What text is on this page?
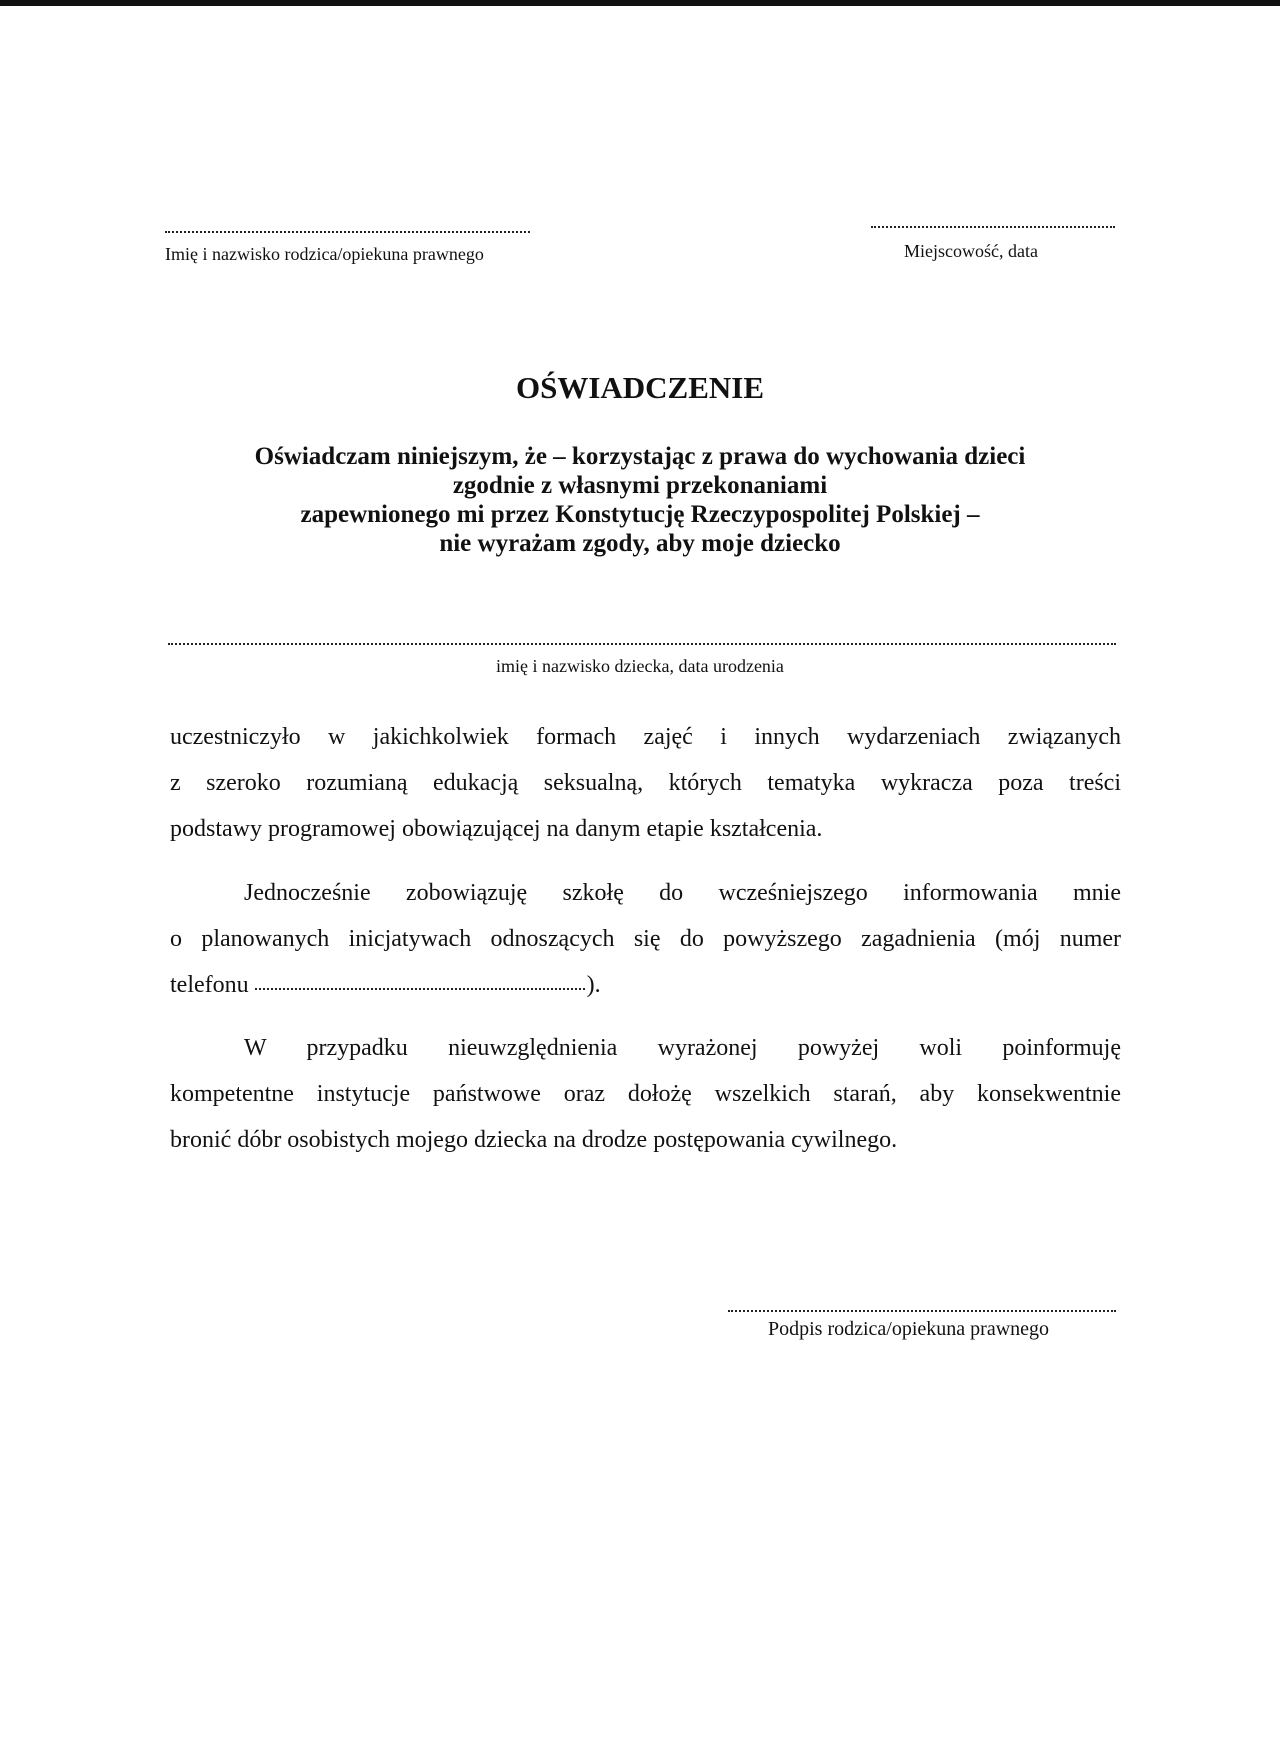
Imię i nazwisko rodzica/opiekuna prawnego	Miejscowość, data
OŚWIADCZENIE
Oświadczam niniejszym, że – korzystając z prawa do wychowania dzieci
zgodnie z własnymi przekonaniami
zapewnionego mi przez Konstytucję Rzeczypospolitej Polskiej –
nie wyrażam zgody, aby moje dziecko
imię i nazwisko dziecka, data urodzenia
uczestniczyło w jakichkolwiek formach zajęć i innych wydarzeniach związanych
z szeroko rozumianą edukacją seksualną, których tematyka wykracza poza treści
podstawy programowej obowiązującej na danym etapie kształcenia.
Jednocześnie zobowiązuję szkołę do wcześniejszego informowania mnie
o planowanych inicjatywach odnoszących się do powyższego zagadnienia (mój numer
telefonu	).
W przypadku nieuwzględnienia wyrażonej powyżej woli poinformuję
kompetentne instytucje państwowe oraz dołożę wszelkich starań, aby konsekwentnie
bronić dóbr osobistych mojego dziecka na drodze postępowania cywilnego.
Podpis rodzica/opiekuna prawnego
